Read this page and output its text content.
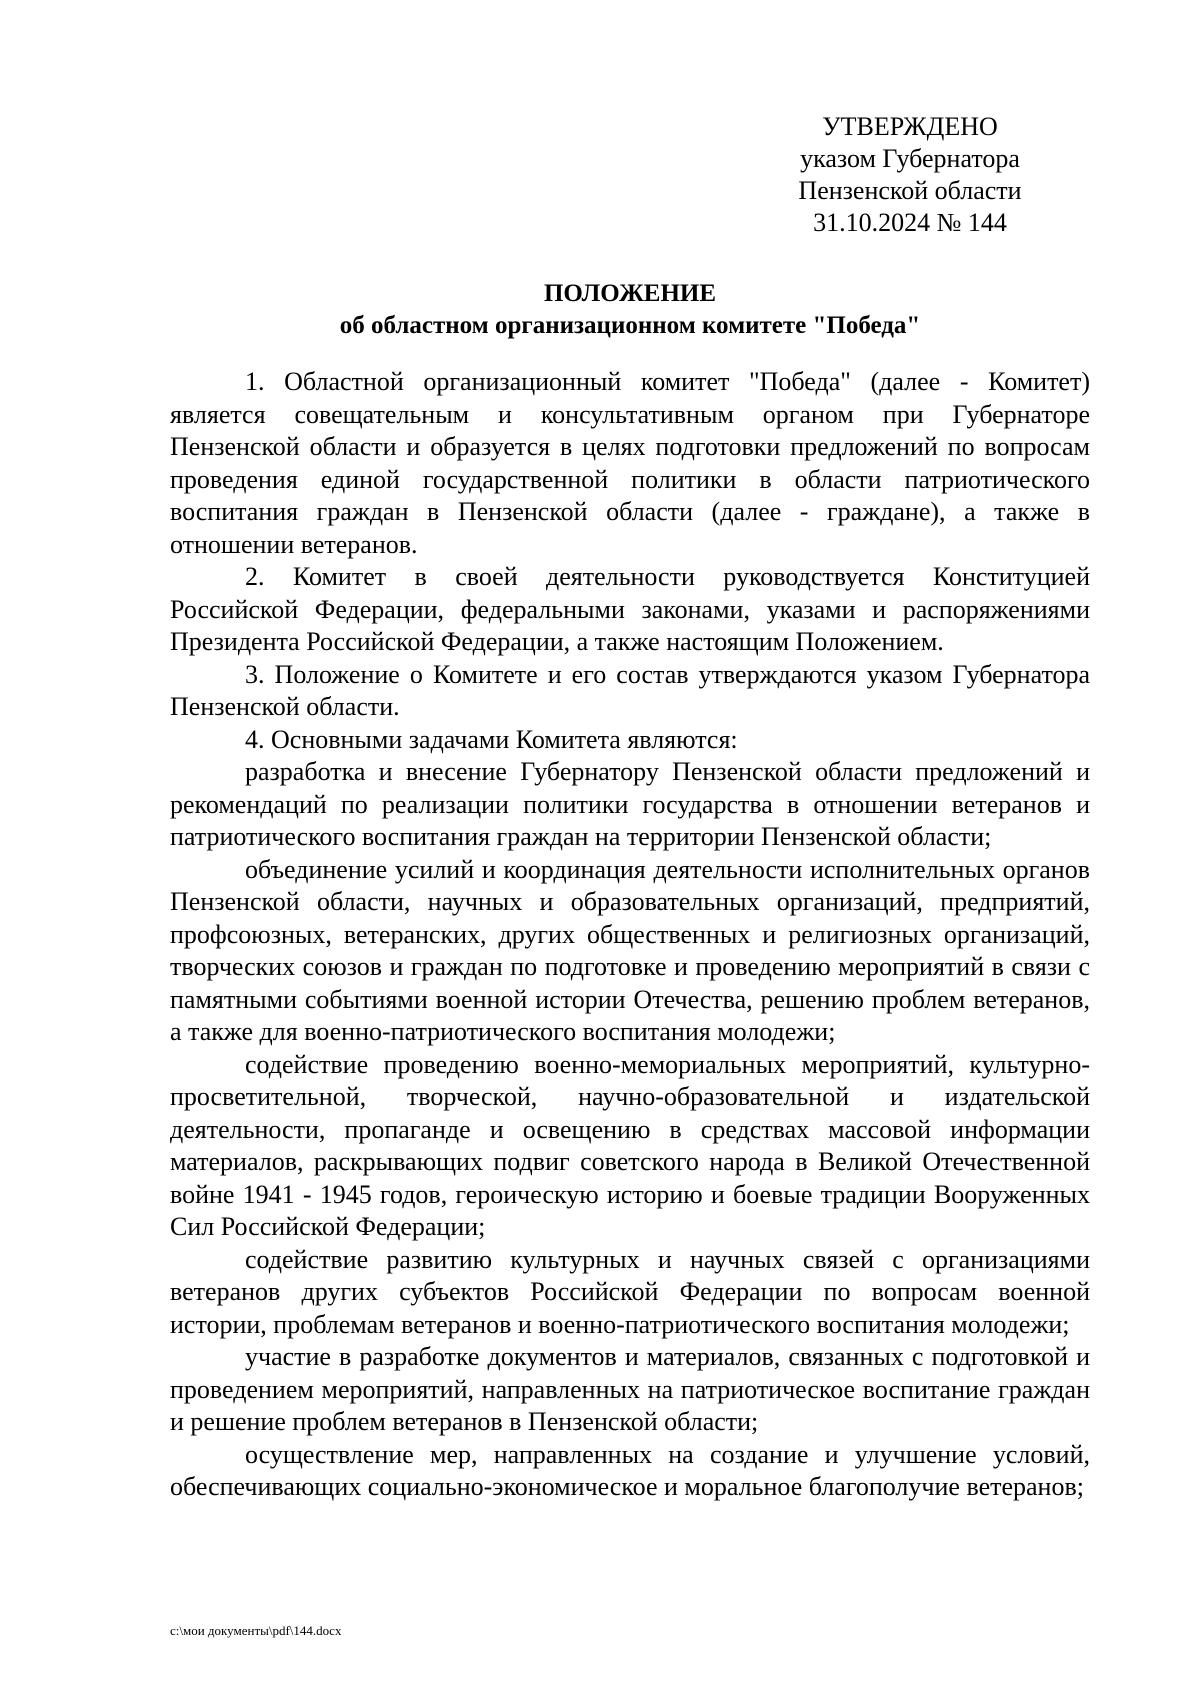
УТВЕРЖДЕНО
указом Губернатора
Пензенской области
31.10.2024 № 144
ПОЛОЖЕНИЕ
об областном организационном комитете "Победа"

1. Областной организационный комитет "Победа" (далее - Комитет) является совещательным и консультативным органом при Губернаторе Пензенской области и образуется в целях подготовки предложений по вопросам проведения единой государственной политики в области патриотического воспитания граждан в Пензенской области (далее - граждане), а также в отношении ветеранов.

2. Комитет в своей деятельности руководствуется Конституцией Российской Федерации, федеральными законами, указами и распоряжениями Президента Российской Федерации, а также настоящим Положением.

3. Положение о Комитете и его состав утверждаются указом Губернатора Пензенской области.

4. Основными задачами Комитета являются:

разработка и внесение Губернатору Пензенской области предложений и рекомендаций по реализации политики государства в отношении ветеранов и патриотического воспитания граждан на территории Пензенской области;

объединение усилий и координация деятельности исполнительных органов Пензенской области, научных и образовательных организаций, предприятий, профсоюзных, ветеранских, других общественных и религиозных организаций, творческих союзов и граждан по подготовке и проведению мероприятий в связи с памятными событиями военной истории Отечества, решению проблем ветеранов, а также для военно-патриотического воспитания молодежи;

содействие проведению военно-мемориальных мероприятий, культурно-просветительной, творческой, научно-образовательной и издательской деятельности, пропаганде и освещению в средствах массовой информации материалов, раскрывающих подвиг советского народа в Великой Отечественной войне 1941 - 1945 годов, героическую историю и боевые традиции Вооруженных Сил Российской Федерации;

содействие развитию культурных и научных связей с организациями ветеранов других субъектов Российской Федерации по вопросам военной истории, проблемам ветеранов и военно-патриотического воспитания молодежи;

участие в разработке документов и материалов, связанных с подготовкой и проведением мероприятий, направленных на патриотическое воспитание граждан и решение проблем ветеранов в Пензенской области;

осуществление мер, направленных на создание и улучшение условий, обеспечивающих социально-экономическое и моральное благополучие ветеранов;

c:\мои документы\pdf\144.docx
